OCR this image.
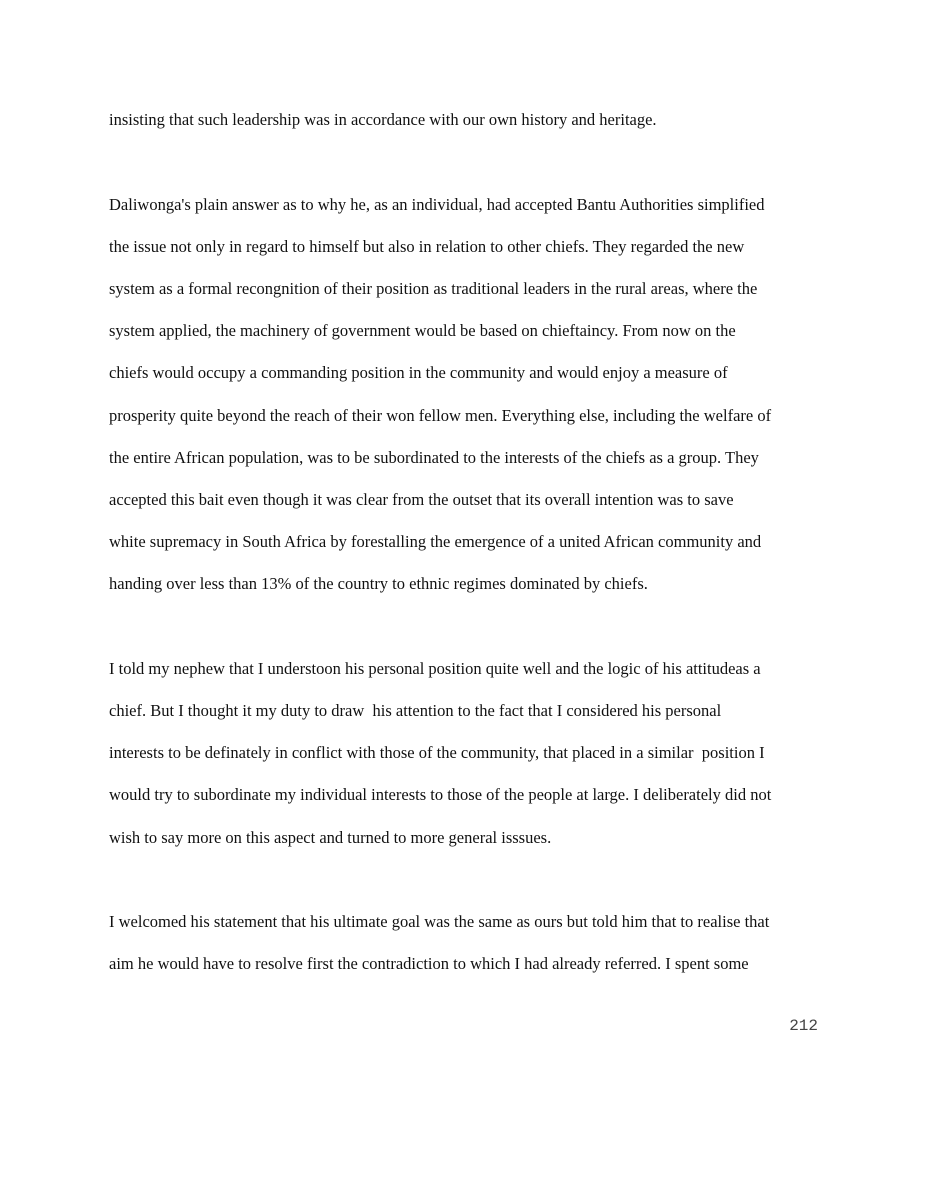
insisting that such leadership was in accordance with our own history and heritage.
Daliwonga's plain answer as to why he, as an individual, had accepted Bantu Authorities simplified
the issue not only in regard to himself but also in relation to other chiefs. They regarded the new
system as a formal recongnition of their position as traditional leaders in the rural areas, where the
system applied, the machinery of government would be based on chieftaincy. From now on the
chiefs would occupy a commanding position in the community and would enjoy a measure of
prosperity quite beyond the reach of their won fellow men. Everything else, including the welfare of
the entire African population, was to be subordinated to the interests of the chiefs as a group. They
accepted this bait even though it was clear from the outset that its overall intention was to save
white supremacy in South Africa by forestalling the emergence of a united African community and
handing over less than 13% of the country to ethnic regimes dominated by chiefs.
I told my nephew that I understoon his personal position quite well and the logic of his attitudeas a
chief. But I thought it my duty to draw  his attention to the fact that I considered his personal
interests to be definately in conflict with those of the community, that placed in a similar  position I
would try to subordinate my individual interests to those of the people at large. I deliberately did not
wish to say more on this aspect and turned to more general isssues.
I welcomed his statement that his ultimate goal was the same as ours but told him that to realise that
aim he would have to resolve first the contradiction to which I had already referred. I spent some
212
